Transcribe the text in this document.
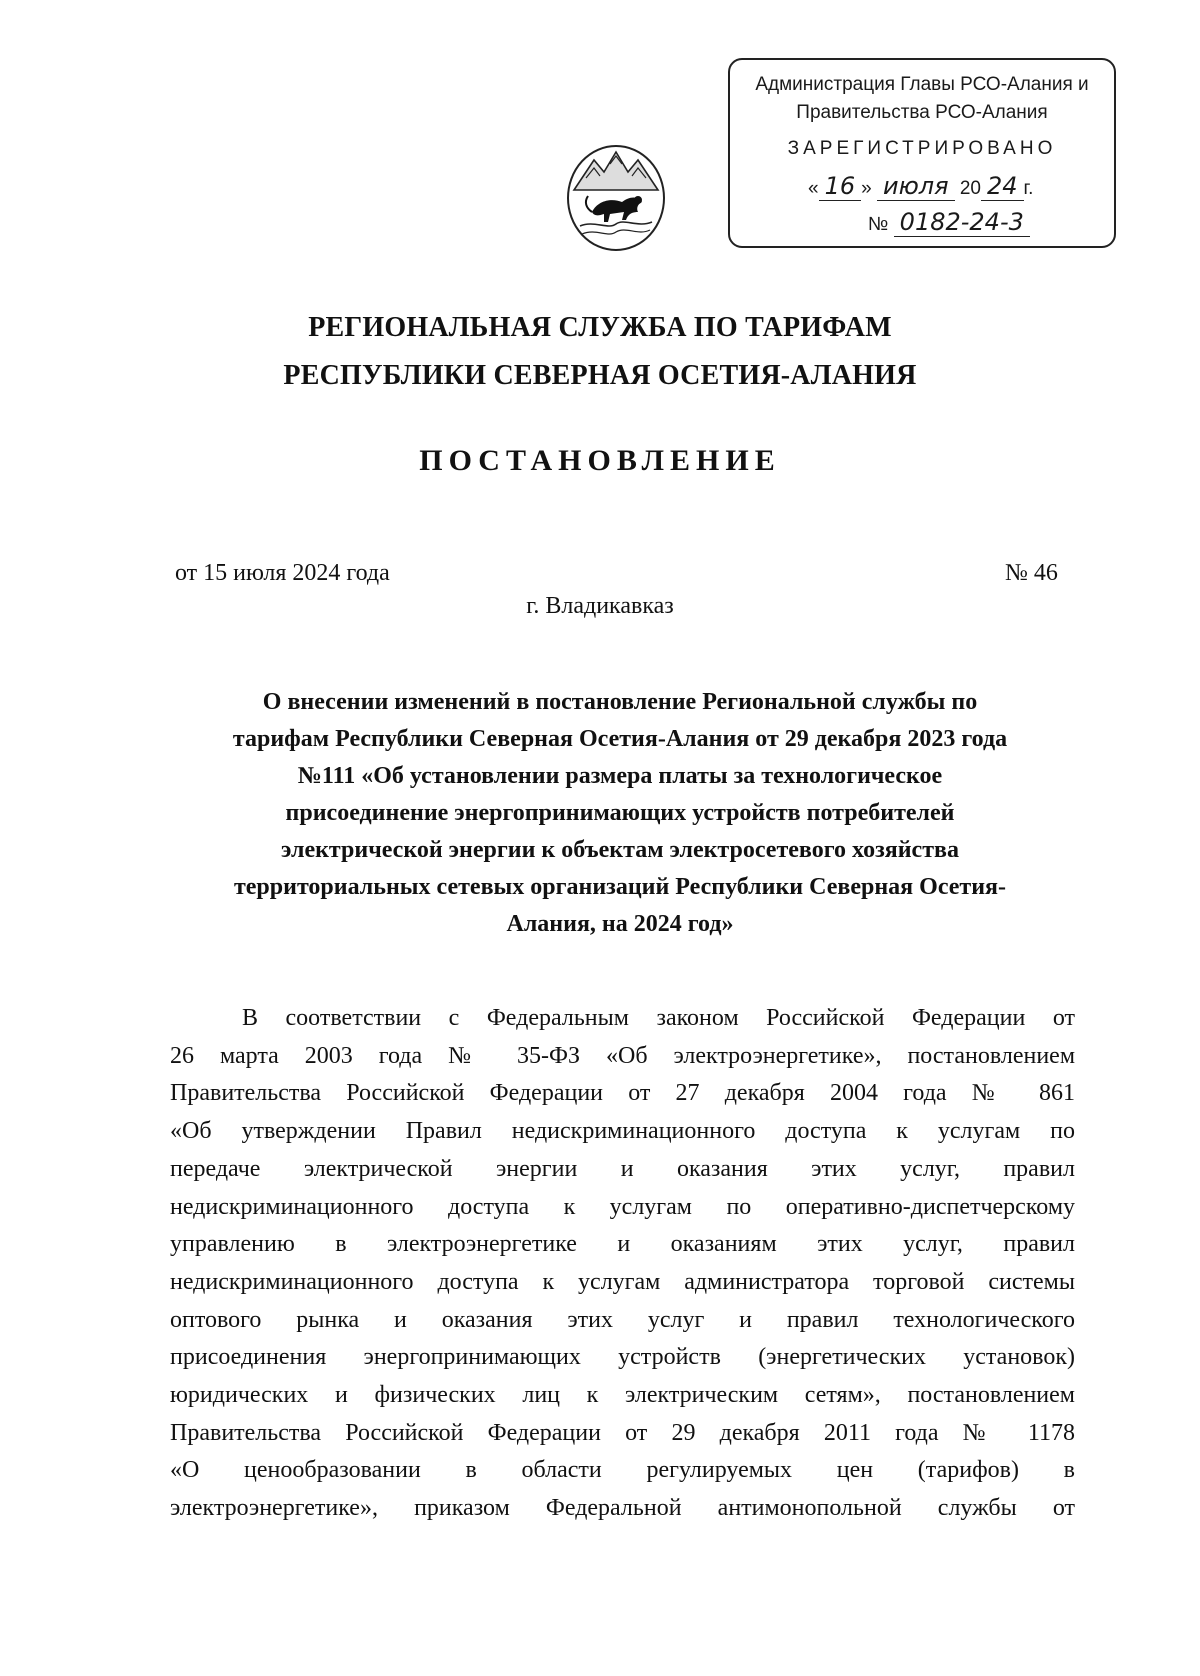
Администрация Главы РСО-Алания и
Правительства РСО-Алания
ЗАРЕГИСТРИРОВАНО
« 16 » июля 20 24 г.
№ 0182-24-3
РЕГИОНАЛЬНАЯ СЛУЖБА ПО ТАРИФАМ
РЕСПУБЛИКИ СЕВЕРНАЯ ОСЕТИЯ-АЛАНИЯ
ПОСТАНОВЛЕНИЕ
от 15 июля 2024 года	№ 46
г. Владикавказ
О внесении изменений в постановление Региональной службы по
тарифам Республики Северная Осетия-Алания от 29 декабря 2023 года
№111 «Об установлении размера платы за технологическое
присоединение энергопринимающих устройств потребителей
электрической энергии к объектам электросетевого хозяйства
территориальных сетевых организаций Республики Северная Осетия-
Алания, на 2024 год»
В соответствии с Федеральным законом Российской Федерации от
26 марта 2003 года № 35-ФЗ «Об электроэнергетике», постановлением
Правительства Российской Федерации от 27 декабря 2004 года № 861
«Об утверждении Правил недискриминационного доступа к услугам по
передаче электрической энергии и оказания этих услуг, правил
недискриминационного доступа к услугам по оперативно-диспетчерскому
управлению в электроэнергетике и оказаниям этих услуг, правил
недискриминационного доступа к услугам администратора торговой системы
оптового рынка и оказания этих услуг и правил технологического
присоединения энергопринимающих устройств (энергетических установок)
юридических и физических лиц к электрическим сетям», постановлением
Правительства Российской Федерации от 29 декабря 2011 года № 1178
«О ценообразовании в области регулируемых цен (тарифов) в
электроэнергетике», приказом Федеральной антимонопольной службы от
